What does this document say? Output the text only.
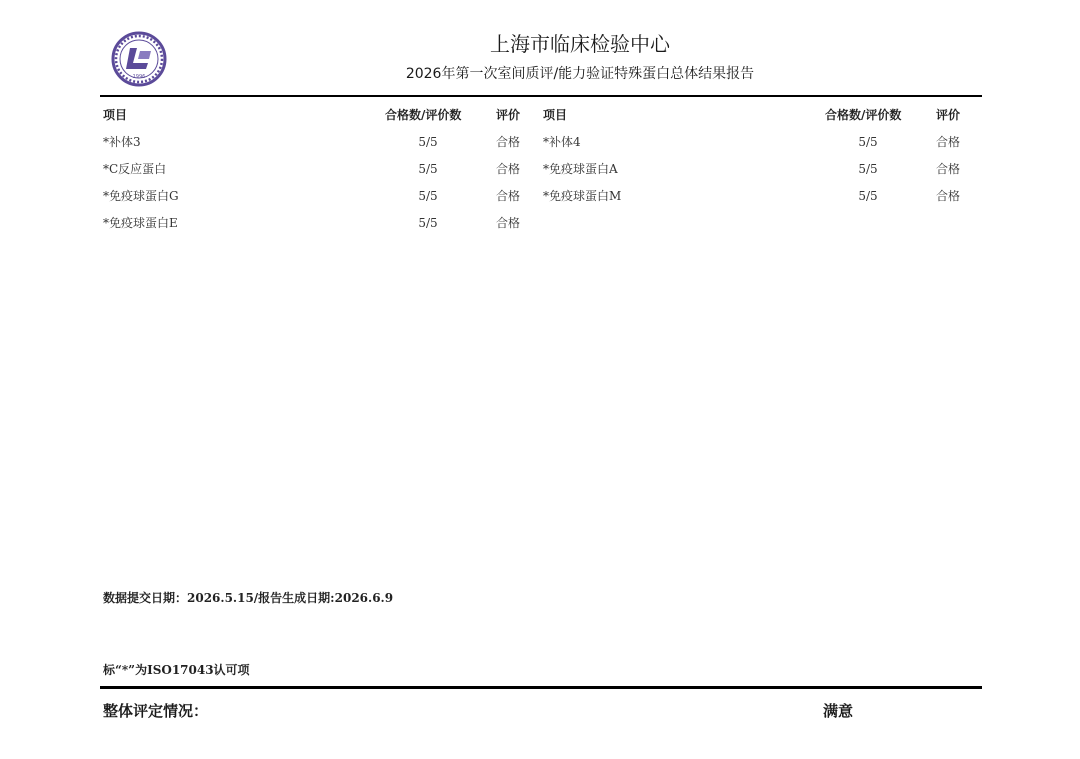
1996
上海市临床检验中心
2026年第一次室间质评/能力验证特殊蛋白总体结果报告
项目	合格数/评价数	评价 项目	合格数/评价数	评价
*补体3	5/5	合格
*C反应蛋白	5/5	合格
*免疫球蛋白G	5/5	合格
*免疫球蛋白E	5/5	合格
*补体4	5/5	合格
*免疫球蛋白A	5/5	合格
*免疫球蛋白M	5/5	合格
数据提交日期：2026.5.15/报告生成日期:2026.6.9
标“*”为ISO17043认可项
整体评定情况：	满意
